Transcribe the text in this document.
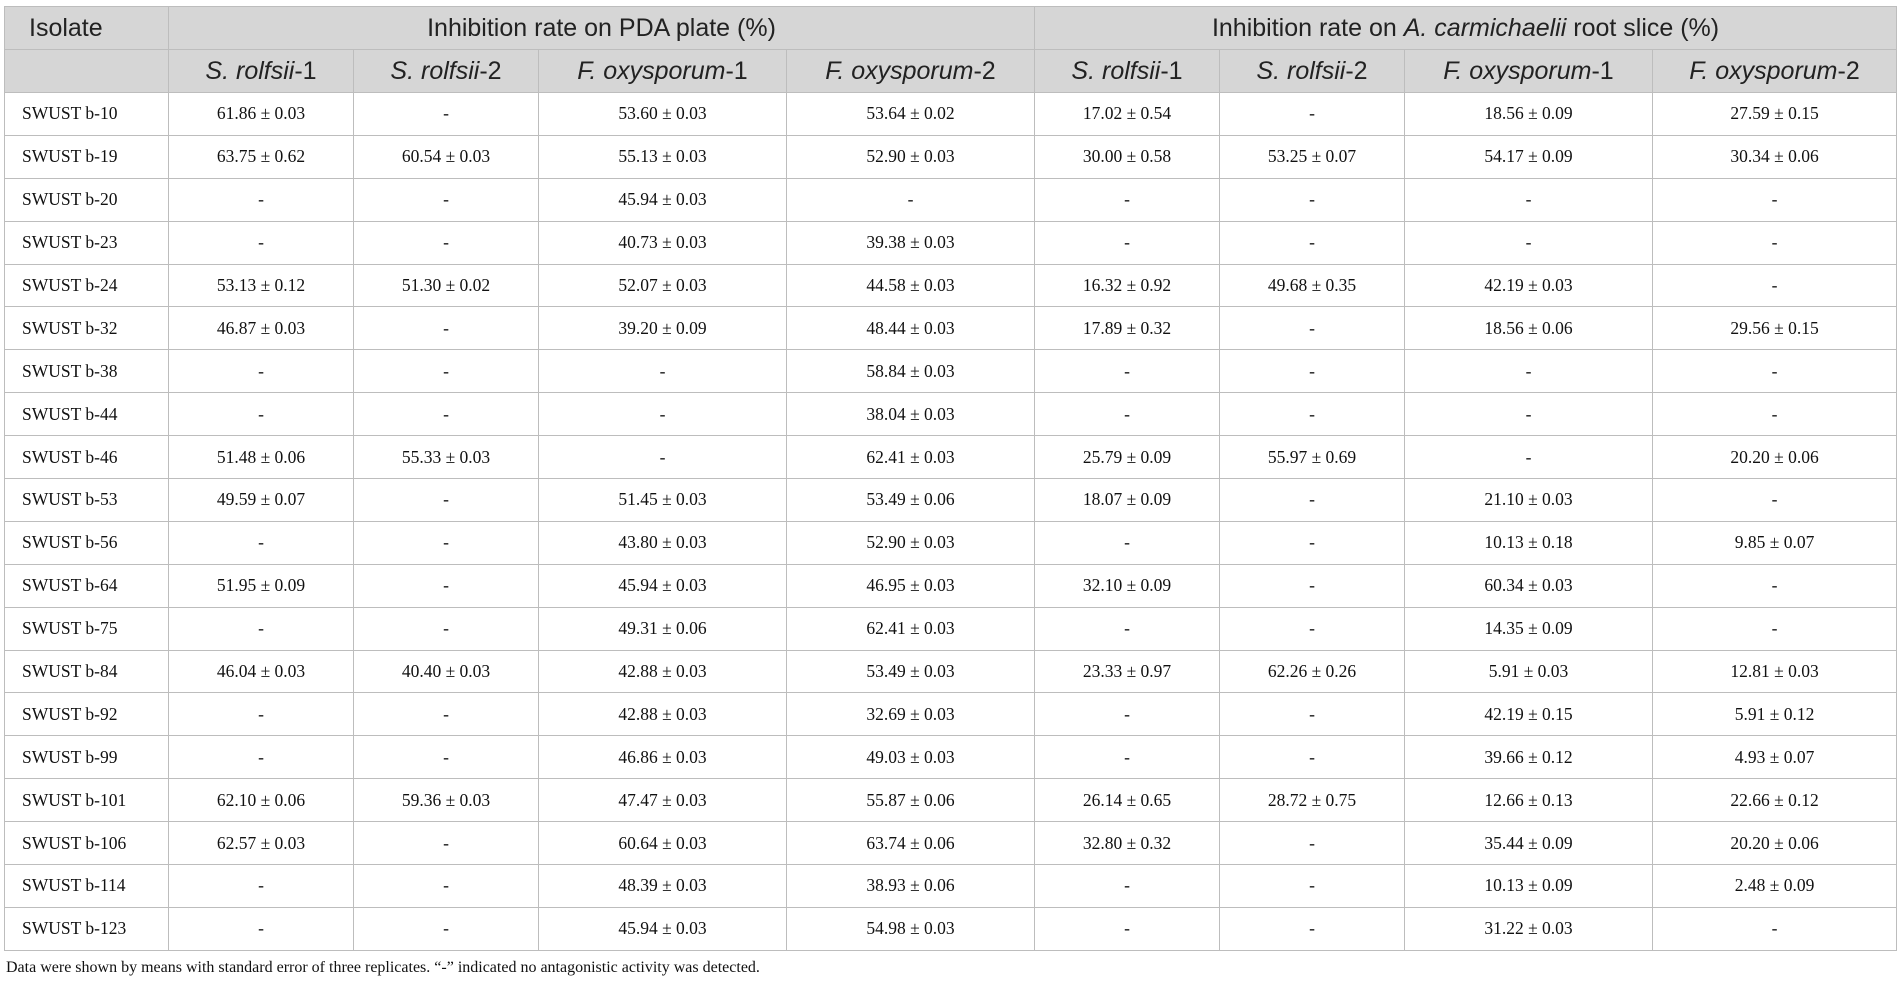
Isolate	Inhibition rate on PDA plate (%)				Inhibition rate on A. carmichaelii root slice (%)			
	S. rolfsii-1	S. rolfsii-2	F. oxysporum-1	F. oxysporum-2	S. rolfsii-1	S. rolfsii-2	F. oxysporum-1	F. oxysporum-2
SWUST b-10	61.86 ± 0.03	-	53.60 ± 0.03	53.64 ± 0.02	17.02 ± 0.54	-	18.56 ± 0.09	27.59 ± 0.15
SWUST b-19	63.75 ± 0.62	60.54 ± 0.03	55.13 ± 0.03	52.90 ± 0.03	30.00 ± 0.58	53.25 ± 0.07	54.17 ± 0.09	30.34 ± 0.06
SWUST b-20	-	-	45.94 ± 0.03	-	-	-	-	-
SWUST b-23	-	-	40.73 ± 0.03	39.38 ± 0.03	-	-	-	-
SWUST b-24	53.13 ± 0.12	51.30 ± 0.02	52.07 ± 0.03	44.58 ± 0.03	16.32 ± 0.92	49.68 ± 0.35	42.19 ± 0.03	-
SWUST b-32	46.87 ± 0.03	-	39.20 ± 0.09	48.44 ± 0.03	17.89 ± 0.32	-	18.56 ± 0.06	29.56 ± 0.15
SWUST b-38	-	-	-	58.84 ± 0.03	-	-	-	-
SWUST b-44	-	-	-	38.04 ± 0.03	-	-	-	-
SWUST b-46	51.48 ± 0.06	55.33 ± 0.03	-	62.41 ± 0.03	25.79 ± 0.09	55.97 ± 0.69	-	20.20 ± 0.06
SWUST b-53	49.59 ± 0.07	-	51.45 ± 0.03	53.49 ± 0.06	18.07 ± 0.09	-	21.10 ± 0.03	-
SWUST b-56	-	-	43.80 ± 0.03	52.90 ± 0.03	-	-	10.13 ± 0.18	9.85 ± 0.07
SWUST b-64	51.95 ± 0.09	-	45.94 ± 0.03	46.95 ± 0.03	32.10 ± 0.09	-	60.34 ± 0.03	-
SWUST b-75	-	-	49.31 ± 0.06	62.41 ± 0.03	-	-	14.35 ± 0.09	-
SWUST b-84	46.04 ± 0.03	40.40 ± 0.03	42.88 ± 0.03	53.49 ± 0.03	23.33 ± 0.97	62.26 ± 0.26	5.91 ± 0.03	12.81 ± 0.03
SWUST b-92	-	-	42.88 ± 0.03	32.69 ± 0.03	-	-	42.19 ± 0.15	5.91 ± 0.12
SWUST b-99	-	-	46.86 ± 0.03	49.03 ± 0.03	-	-	39.66 ± 0.12	4.93 ± 0.07
SWUST b-101	62.10 ± 0.06	59.36 ± 0.03	47.47 ± 0.03	55.87 ± 0.06	26.14 ± 0.65	28.72 ± 0.75	12.66 ± 0.13	22.66 ± 0.12
SWUST b-106	62.57 ± 0.03	-	60.64 ± 0.03	63.74 ± 0.06	32.80 ± 0.32	-	35.44 ± 0.09	20.20 ± 0.06
SWUST b-114	-	-	48.39 ± 0.03	38.93 ± 0.06	-	-	10.13 ± 0.09	2.48 ± 0.09
SWUST b-123	-	-	45.94 ± 0.03	54.98 ± 0.03	-	-	31.22 ± 0.03	-
Data were shown by means with standard error of three replicates. “-” indicated no antagonistic activity was detected.
